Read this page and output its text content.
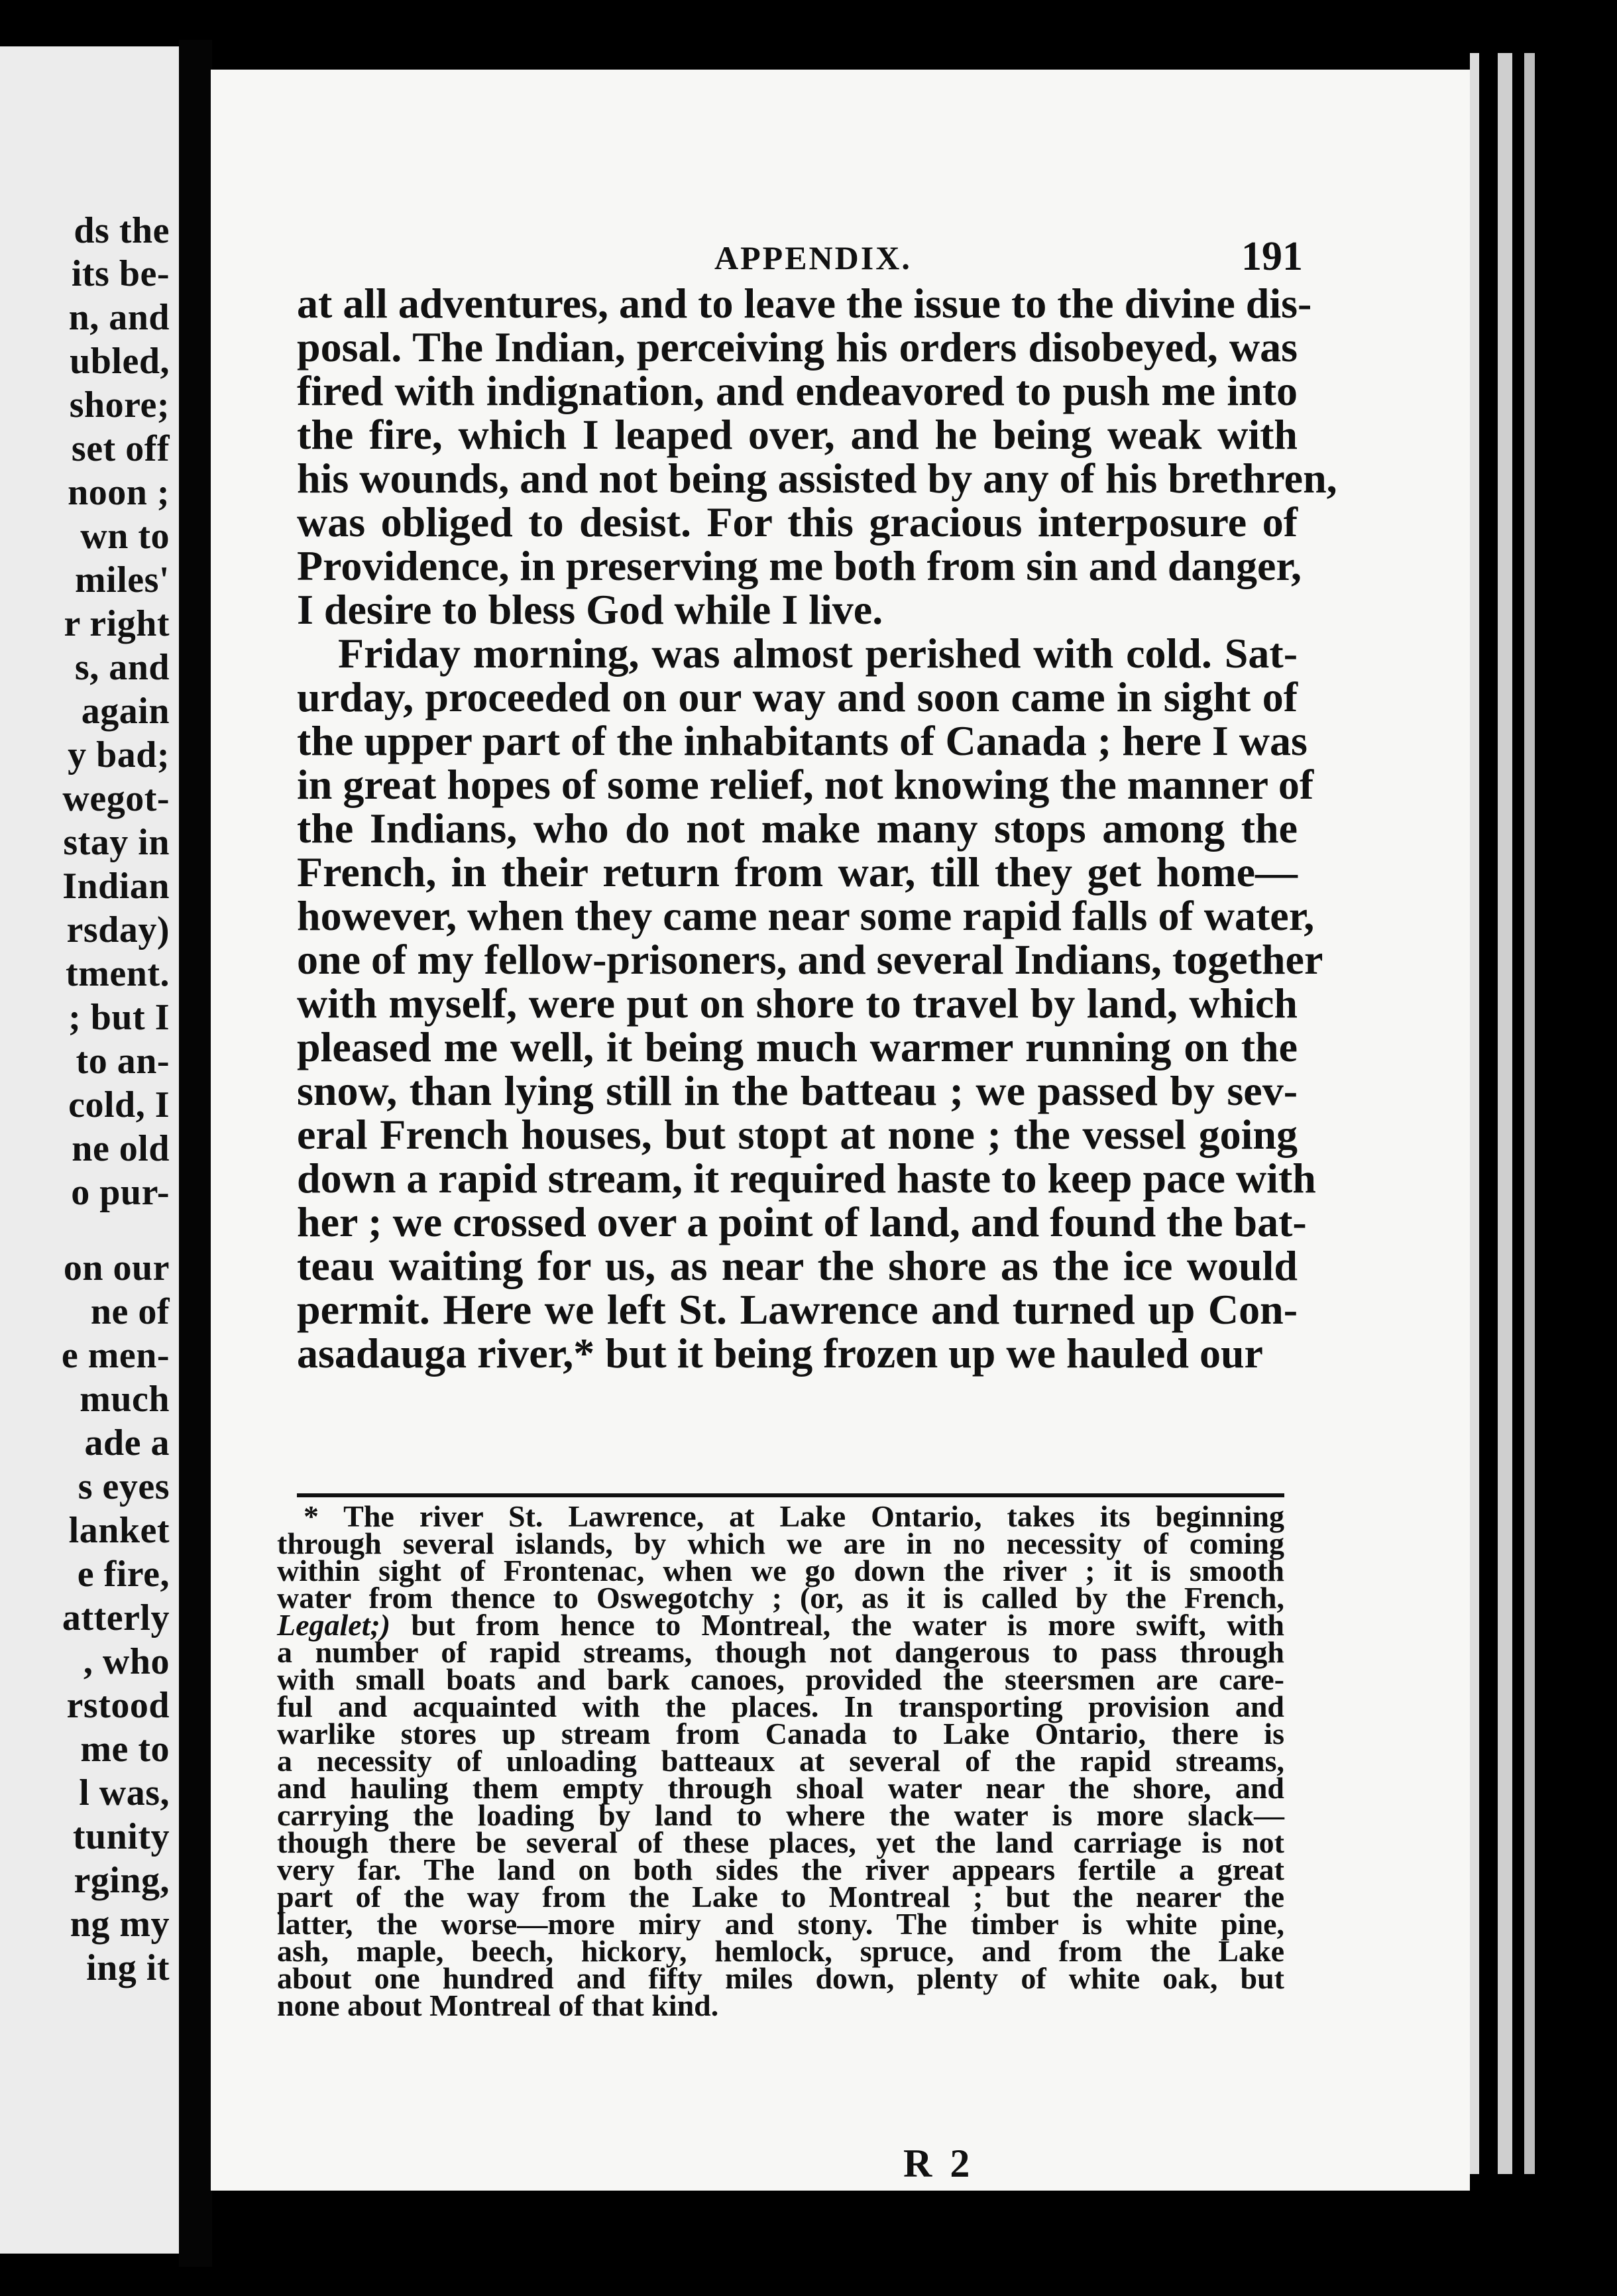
ds the
its be-
n, and
ubled,
shore;
set off
noon ;
wn to
miles'
r right
s, and
again
y bad;
wegot-
stay in
Indian
rsday)
tment.
; but I
to an-
cold, I
ne old
o pur-
on our
ne of
e men-
much
ade a
s eyes
lanket
e fire,
atterly
, who
rstood
me to
l was,
tunity
rging,
ng my
ing it
APPENDIX.	191
at all adventures, and to leave the issue to the divine dis-
posal. The Indian, perceiving his orders disobeyed, was
fired with indignation, and endeavored to push me into
the fire, which I leaped over, and he being weak with
his wounds, and not being assisted by any of his brethren,
was obliged to desist. For this gracious interposure of
Providence, in preserving me both from sin and danger,
I desire to bless God while I live.
Friday morning, was almost perished with cold. Sat-
urday, proceeded on our way and soon came in sight of
the upper part of the inhabitants of Canada ; here I was
in great hopes of some relief, not knowing the manner of
the Indians, who do not make many stops among the
French, in their return from war, till they get home—
however, when they came near some rapid falls of water,
one of my fellow-prisoners, and several Indians, together
with myself, were put on shore to travel by land, which
pleased me well, it being much warmer running on the
snow, than lying still in the batteau ; we passed by sev-
eral French houses, but stopt at none ; the vessel going
down a rapid stream, it required haste to keep pace with
her ; we crossed over a point of land, and found the bat-
teau waiting for us, as near the shore as the ice would
permit. Here we left St. Lawrence and turned up Con-
asadauga river,* but it being frozen up we hauled our
* The river St. Lawrence, at Lake Ontario, takes its beginning
through several islands, by which we are in no necessity of coming
within sight of Frontenac, when we go down the river ; it is smooth
water from thence to Oswegotchy ; (or, as it is called by the French,
Legalet;) but from hence to Montreal, the water is more swift, with
a number of rapid streams, though not dangerous to pass through
with small boats and bark canoes, provided the steersmen are care-
ful and acquainted with the places. In transporting provision and
warlike stores up stream from Canada to Lake Ontario, there is
a necessity of unloading batteaux at several of the rapid streams,
and hauling them empty through shoal water near the shore, and
carrying the loading by land to where the water is more slack—
though there be several of these places, yet the land carriage is not
very far. The land on both sides the river appears fertile a great
part of the way from the Lake to Montreal ; but the nearer the
latter, the worse—more miry and stony. The timber is white pine,
ash, maple, beech, hickory, hemlock, spruce, and from the Lake
about one hundred and fifty miles down, plenty of white oak, but
none about Montreal of that kind.
R 2
